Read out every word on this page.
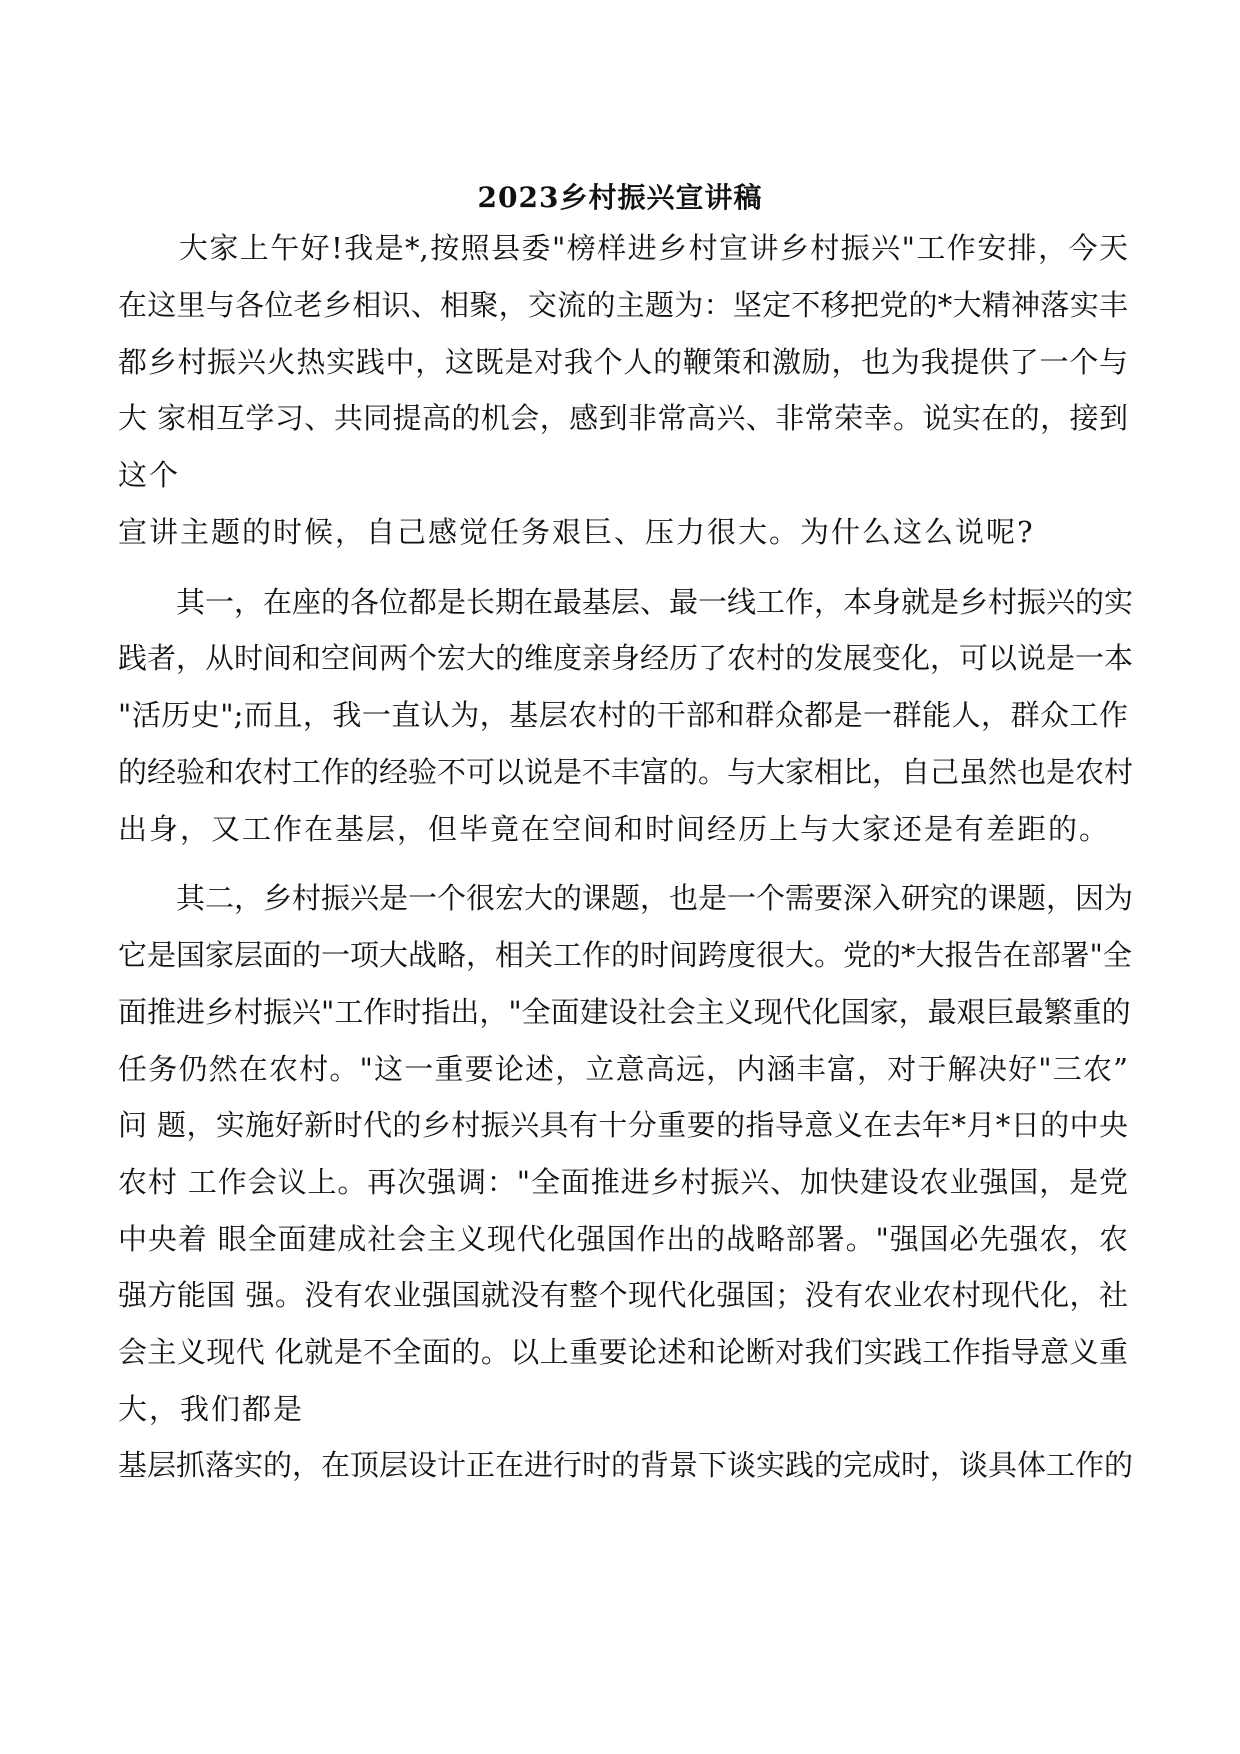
2023乡村振兴宣讲稿
　　大家上午好!我是*,按照县委"榜样进乡村宣讲乡村振兴"工作安排，今天
在这里与各位老乡相识、相聚，交流的主题为：坚定不移把党的*大精神落实丰
都乡村振兴火热实践中，这既是对我个人的鞭策和激励，也为我提供了一个与
大 家相互学习、共同提高的机会，感到非常高兴、非常荣幸。说实在的，接到
这个
宣讲主题的时候，自己感觉任务艰巨、压力很大。为什么这么说呢?
　　其一，在座的各位都是长期在最基层、最一线工作，本身就是乡村振兴的实
践者，从时间和空间两个宏大的维度亲身经历了农村的发展变化，可以说是一本
"活历史";而且，我一直认为，基层农村的干部和群众都是一群能人，群众工作
的经验和农村工作的经验不可以说是不丰富的。与大家相比，自己虽然也是农村
出身，又工作在基层，但毕竟在空间和时间经历上与大家还是有差距的。
　　其二，乡村振兴是一个很宏大的课题，也是一个需要深入研究的课题，因为
它是国家层面的一项大战略，相关工作的时间跨度很大。党的*大报告在部署"全
面推进乡村振兴"工作时指出，"全面建设社会主义现代化国家，最艰巨最繁重的
任务仍然在农村。"这一重要论述，立意高远，内涵丰富，对于解决好"三农”
问 题，实施好新时代的乡村振兴具有十分重要的指导意义在去年*月*日的中央
农村 工作会议上。再次强调："全面推进乡村振兴、加快建设农业强国，是党
中央着 眼全面建成社会主义现代化强国作出的战略部署。"强国必先强农，农
强方能国 强。没有农业强国就没有整个现代化强国；没有农业农村现代化，社
会主义现代 化就是不全面的。以上重要论述和论断对我们实践工作指导意义重
大，我们都是
基层抓落实的，在顶层设计正在进行时的背景下谈实践的完成时，谈具体工作的
